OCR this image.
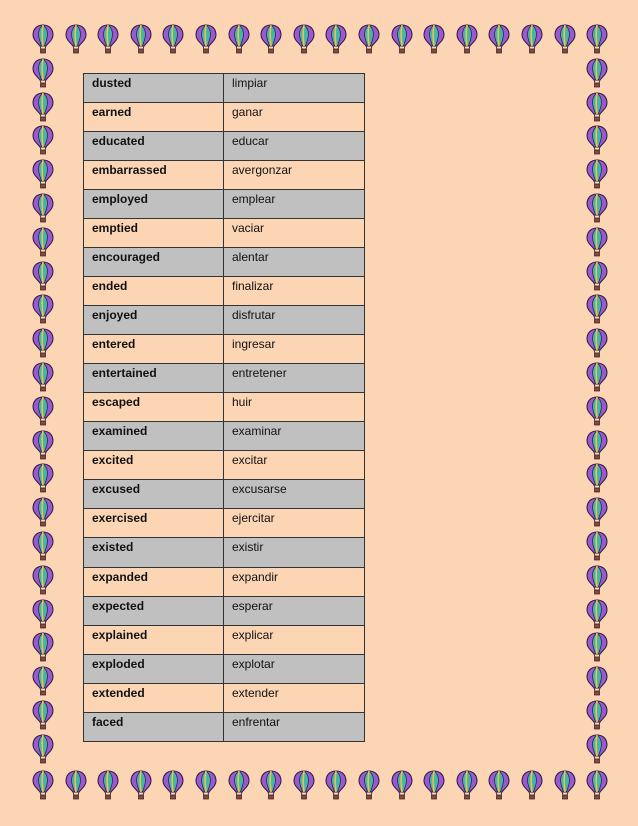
dusted	limpiar
earned	ganar
educated	educar
embarrassed	avergonzar
employed	emplear
emptied	vaciar
encouraged	alentar
ended	finalizar
enjoyed	disfrutar
entered	ingresar
entertained	entretener
escaped	huir
examined	examinar
excited	excitar
excused	excusarse
exercised	ejercitar
existed	existir
expanded	expandir
expected	esperar
explained	explicar
exploded	explotar
extended	extender
faced	enfrentar
